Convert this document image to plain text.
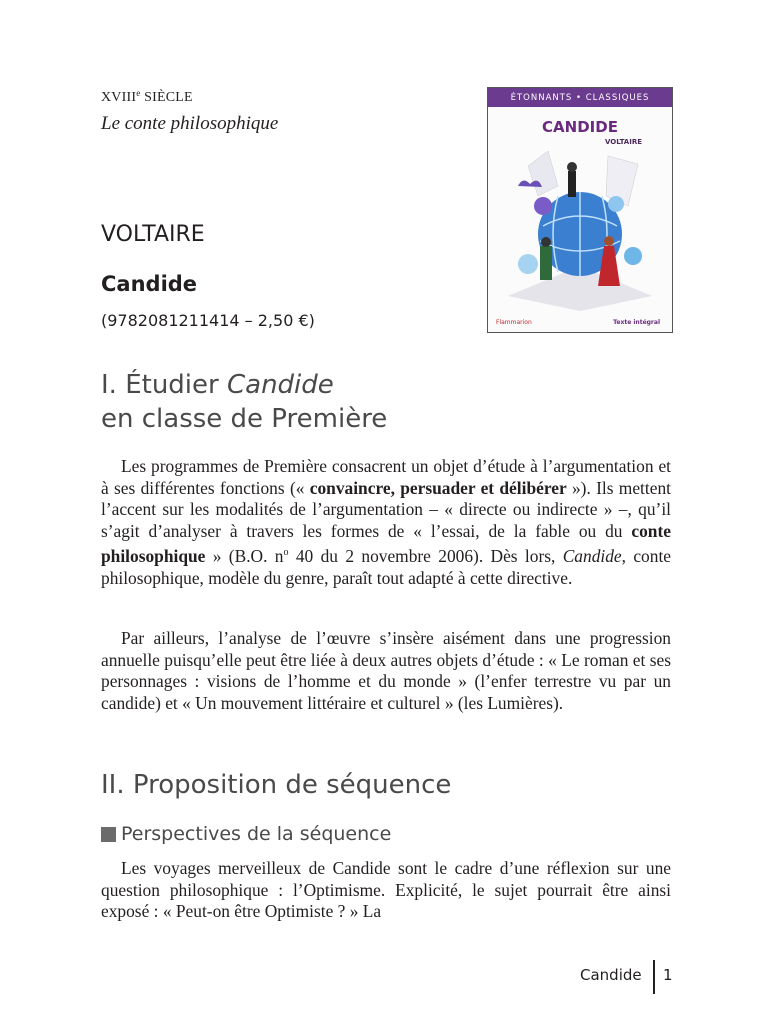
XVIIIe SIÈCLE
Le conte philosophique
VOLTAIRE
Candide
(9782081211414 – 2,50 €)
ÉTONNANTS • CLASSIQUES
CANDIDE
VOLTAIRE
Flammarion	Texte intégral
I. Étudier Candide
en classe de Première

Les programmes de Première consacrent un objet d’étude à l’argumentation et à ses différentes fonctions (« convaincre, persuader et délibérer »). Ils mettent l’accent sur les modalités de l’argumentation – « directe ou indirecte » –, qu’il s’agit d’analyser à travers les formes de « l’essai, de la fable ou du conte philosophique » (B.O. $n^o$ 40 du 2 novembre 2006). Dès lors, Candide, conte philosophique, modèle du genre, paraît tout adapté à cette directive.

Par ailleurs, l’analyse de l’œuvre s’insère aisément dans une progression annuelle puisqu’elle peut être liée à deux autres objets d’étude : « Le roman et ses personnages : visions de l’homme et du monde » (l’enfer terrestre vu par un candide) et « Un mouvement littéraire et culturel » (les Lumières).

II. Proposition de séquence
Perspectives de la séquence

Les voyages merveilleux de Candide sont le cadre d’une réflexion sur une question philosophique : l’Optimisme. Explicité, le sujet pourrait être ainsi exposé : « Peut-on être Optimiste ? » La

Candide 1
